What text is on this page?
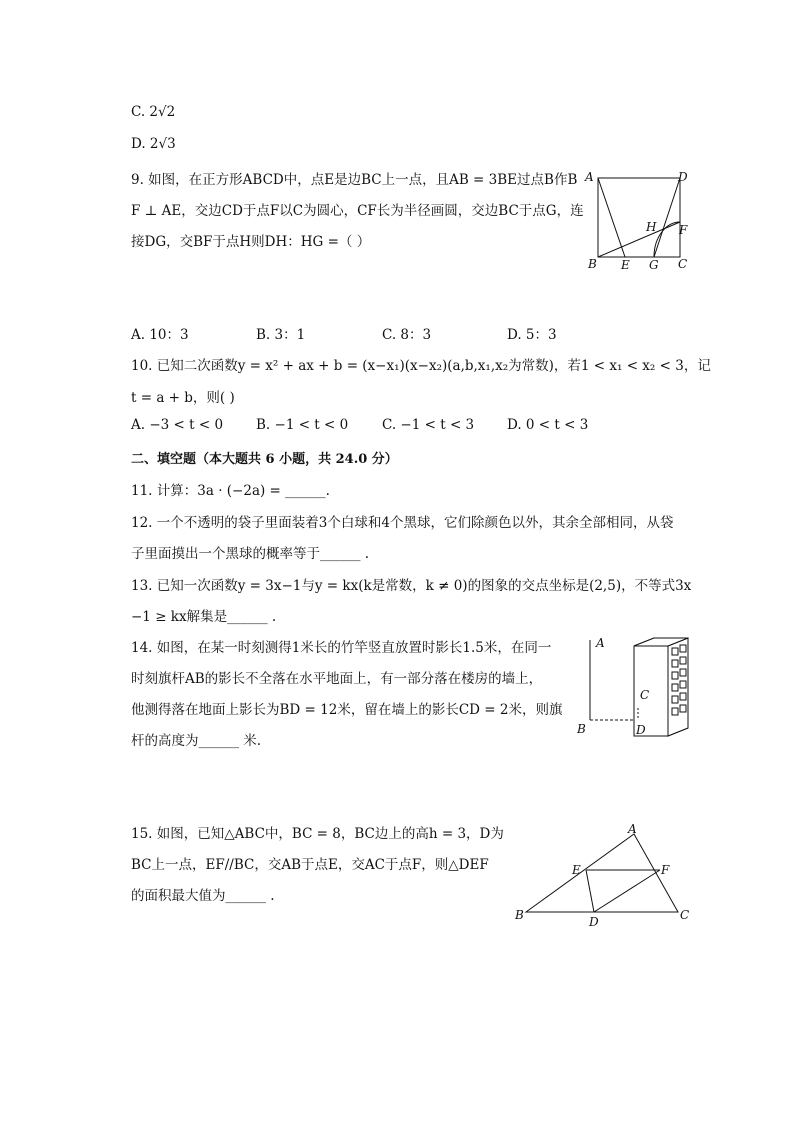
C. 2√2
D. 2√3
9. 如图，在正方形ABCD中，点E是边BC上一点，且AB = 3BE过点B作B
F ⊥ AE，交边CD于点F以C为圆心，CF长为半径画圆，交边BC于点G，连
接DG，交BF于点H则DH：HG =（ ）
A	D
B E G C
H F
A. 10：3	B. 3：1	C. 8：3	D. 5：3
10. 已知二次函数y = x² + ax + b = (x−x₁)(x−x₂)(a,b,x₁,x₂为常数)，若1 < x₁ < x₂ < 3，记
t = a + b，则( )
A. −3 < t < 0 B. −1 < t < 0	C. −1 < t < 3 D. 0 < t < 3
二、填空题（本大题共 6 小题，共 24.0 分）
11. 计算：3a · (−2a) = ______.
12. 一个不透明的袋子里面装着3个白球和4个黑球，它们除颜色以外，其余全部相同，从袋
子里面摸出一个黑球的概率等于______ .
13. 已知一次函数y = 3x−1与y = kx(k是常数，k ≠ 0)的图象的交点坐标是(2,5)，不等式3x
−1 ≥ kx解集是______ .
14. 如图，在某一时刻测得1米长的竹竿竖直放置时影长1.5米，在同一
时刻旗杆AB的影长不全落在水平地面上，有一部分落在楼房的墙上，
他测得落在地面上影长为BD = 12米，留在墙上的影长CD = 2米，则旗
杆的高度为______ 米.
A
B
C
D
15. 如图，已知△ABC中，BC = 8，BC边上的高h = 3，D为
BC上一点，EF//BC，交AB于点E，交AC于点F，则△DEF
的面积最大值为______ .
A
B	C
D
E	F
